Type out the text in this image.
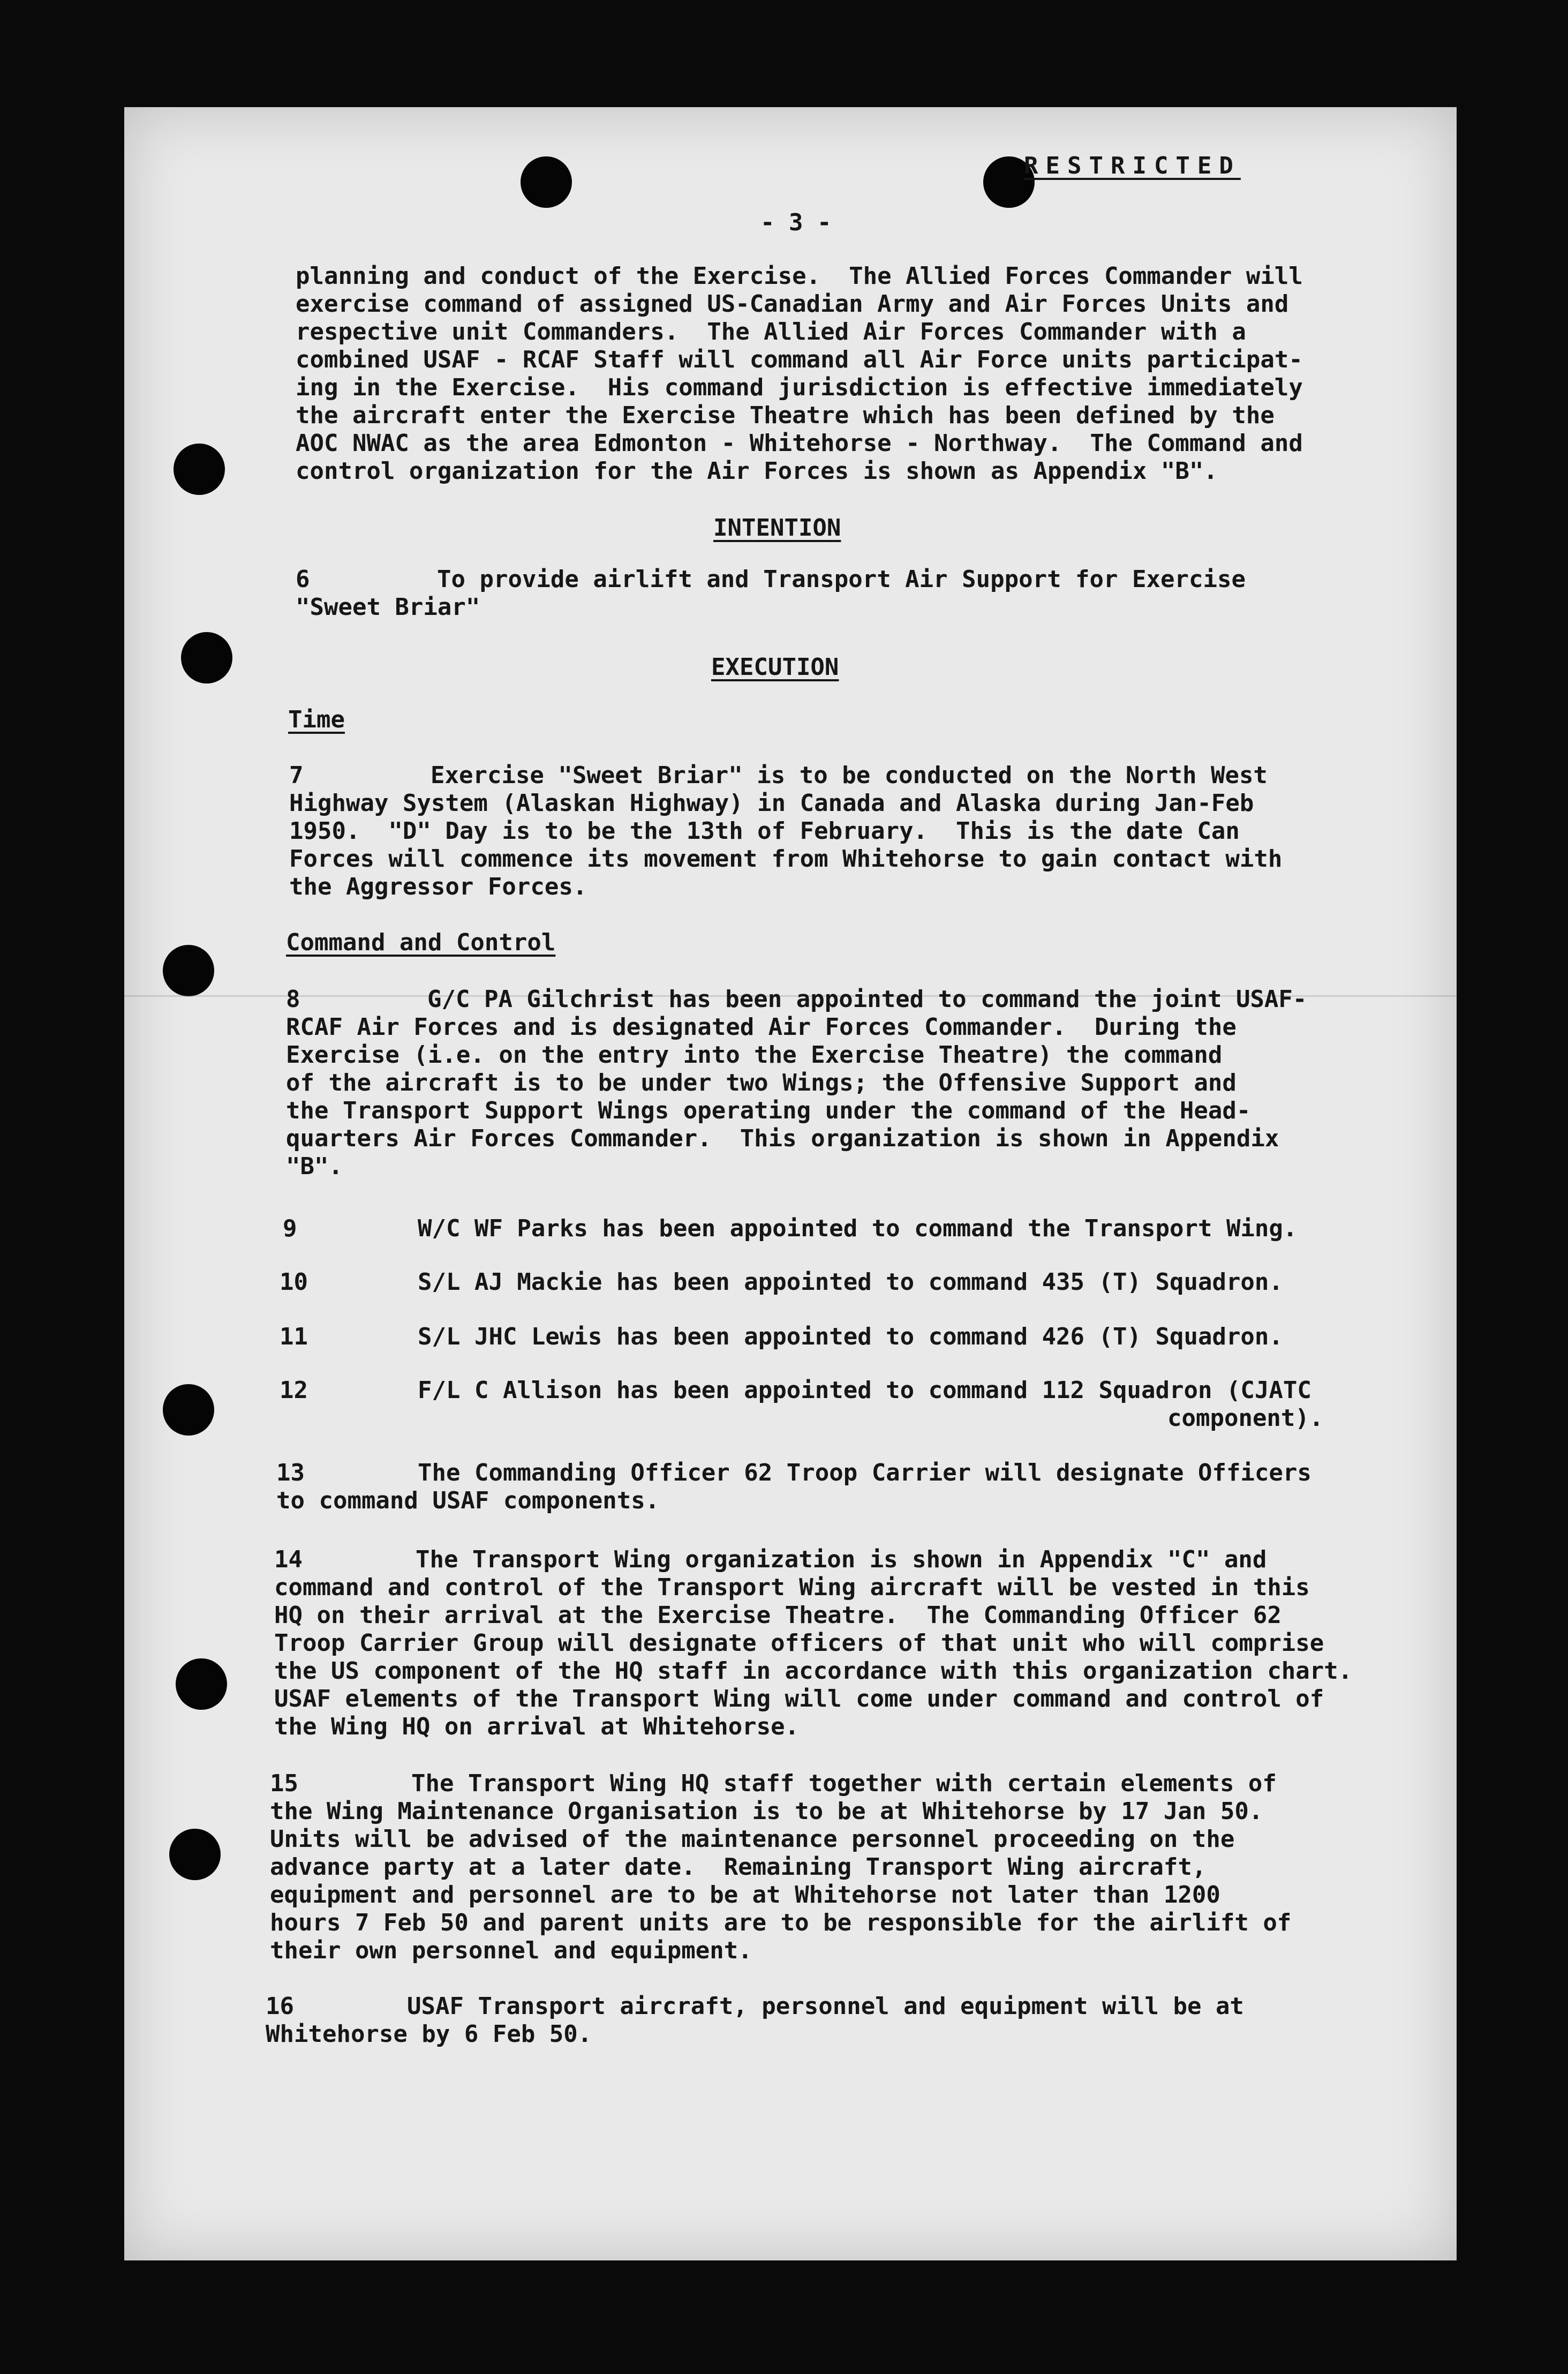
RESTRICTED
- 3 -
planning and conduct of the Exercise.  The Allied Forces Commander will
exercise command of assigned US-Canadian Army and Air Forces Units and
respective unit Commanders.  The Allied Air Forces Commander with a
combined USAF - RCAF Staff will command all Air Force units participat-
ing in the Exercise.  His command jurisdiction is effective immediately
the aircraft enter the Exercise Theatre which has been defined by the
AOC NWAC as the area Edmonton - Whitehorse - Northway.  The Command and
control organization for the Air Forces is shown as Appendix "B".
INTENTION
6	To provide airlift and Transport Air Support for Exercise
"Sweet Briar"
EXECUTION
Time
7	Exercise "Sweet Briar" is to be conducted on the North West
Highway System (Alaskan Highway) in Canada and Alaska during Jan-Feb
1950.  "D" Day is to be the 13th of February.  This is the date Can
Forces will commence its movement from Whitehorse to gain contact with
the Aggressor Forces.
Command and Control
8	G/C PA Gilchrist has been appointed to command the joint USAF-
RCAF Air Forces and is designated Air Forces Commander.  During the
Exercise (i.e. on the entry into the Exercise Theatre) the command
of the aircraft is to be under two Wings; the Offensive Support and
the Transport Support Wings operating under the command of the Head-
quarters Air Forces Commander.  This organization is shown in Appendix
"B".
9	W/C WF Parks has been appointed to command the Transport Wing.
10	S/L AJ Mackie has been appointed to command 435 (T) Squadron.
11	S/L JHC Lewis has been appointed to command 426 (T) Squadron.
12	F/L C Allison has been appointed to command 112 Squadron (CJATC
component).
13	The Commanding Officer 62 Troop Carrier will designate Officers
to command USAF components.
14	The Transport Wing organization is shown in Appendix "C" and
command and control of the Transport Wing aircraft will be vested in this
HQ on their arrival at the Exercise Theatre.  The Commanding Officer 62
Troop Carrier Group will designate officers of that unit who will comprise
the US component of the HQ staff in accordance with this organization chart.
USAF elements of the Transport Wing will come under command and control of
the Wing HQ on arrival at Whitehorse.
15	The Transport Wing HQ staff together with certain elements of
the Wing Maintenance Organisation is to be at Whitehorse by 17 Jan 50.
Units will be advised of the maintenance personnel proceeding on the
advance party at a later date.  Remaining Transport Wing aircraft,
equipment and personnel are to be at Whitehorse not later than 1200
hours 7 Feb 50 and parent units are to be responsible for the airlift of
their own personnel and equipment.
16	USAF Transport aircraft, personnel and equipment will be at
Whitehorse by 6 Feb 50.
